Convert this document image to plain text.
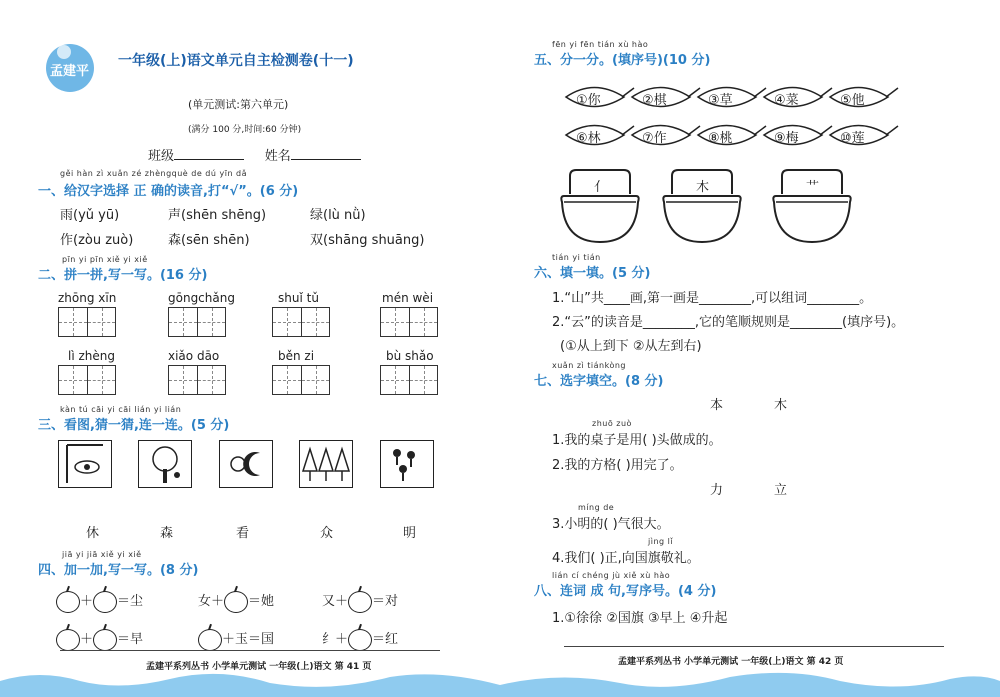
孟建平
一年级(上)语文单元自主检测卷(十一)
(单元测试:第六单元)
(满分 100 分,时间:60 分钟)
班级	姓名
gěi hàn zì xuǎn zé zhèngquè de dú yīn dǎ
一、给汉字选择 正 确的读音,打“√”。(6 分)
雨(yǔ yū)	声(shēn shēng)	绿(lù nǜ)
作(zòu zuò)	森(sēn shēn)	双(shāng shuāng)
pīn yi pīn xiě yi xiě
二、拼一拼,写一写。(16 分)
zhōng xīn	gōngchǎng	shuǐ tǔ	mén wèi
lì zhèng	xiǎo dāo	běn zi	bù shǎo
kàn tú cāi yi cāi lián yi lián
三、看图,猜一猜,连一连。(5 分)
休	森	看	众	明
jiā yi jiā xiě yi xiě
四、加一加,写一写。(8 分)
＋ ＝尘	女＋ ＝她	又＋ ＝对
＋ ＝早	＋玉＝国	纟＋ ＝红
孟建平系列丛书 小学单元测试 一年级(上)语文 第 41 页
fēn yi fēn tián xù hào
五、分一分。(填序号)(10 分)
①你	②棋	③草	④菜	⑤他
⑥林	⑦作	⑧桃	⑨梅	⑩莲
亻	木	艹
tián yi tián
六、填一填。(5 分)
1.“山”共____画,第一画是________,可以组词________。
2.“云”的读音是________,它的笔顺规则是________(填序号)。
(①从上到下 ②从左到右)
xuǎn zì tiánkòng
七、选字填空。(8 分)
本	木
zhuō zuò
1.我的桌子是用( )头做成的。
2.我的方格( )用完了。
力	立
míng de
3.小明的( )气很大。
jìng lǐ
4.我们( )正,向国旗敬礼。
lián cí chéng jù xiě xù hào
八、连词 成 句,写序号。(4 分)
1.①徐徐 ②国旗 ③早上 ④升起
孟建平系列丛书 小学单元测试 一年级(上)语文 第 42 页
